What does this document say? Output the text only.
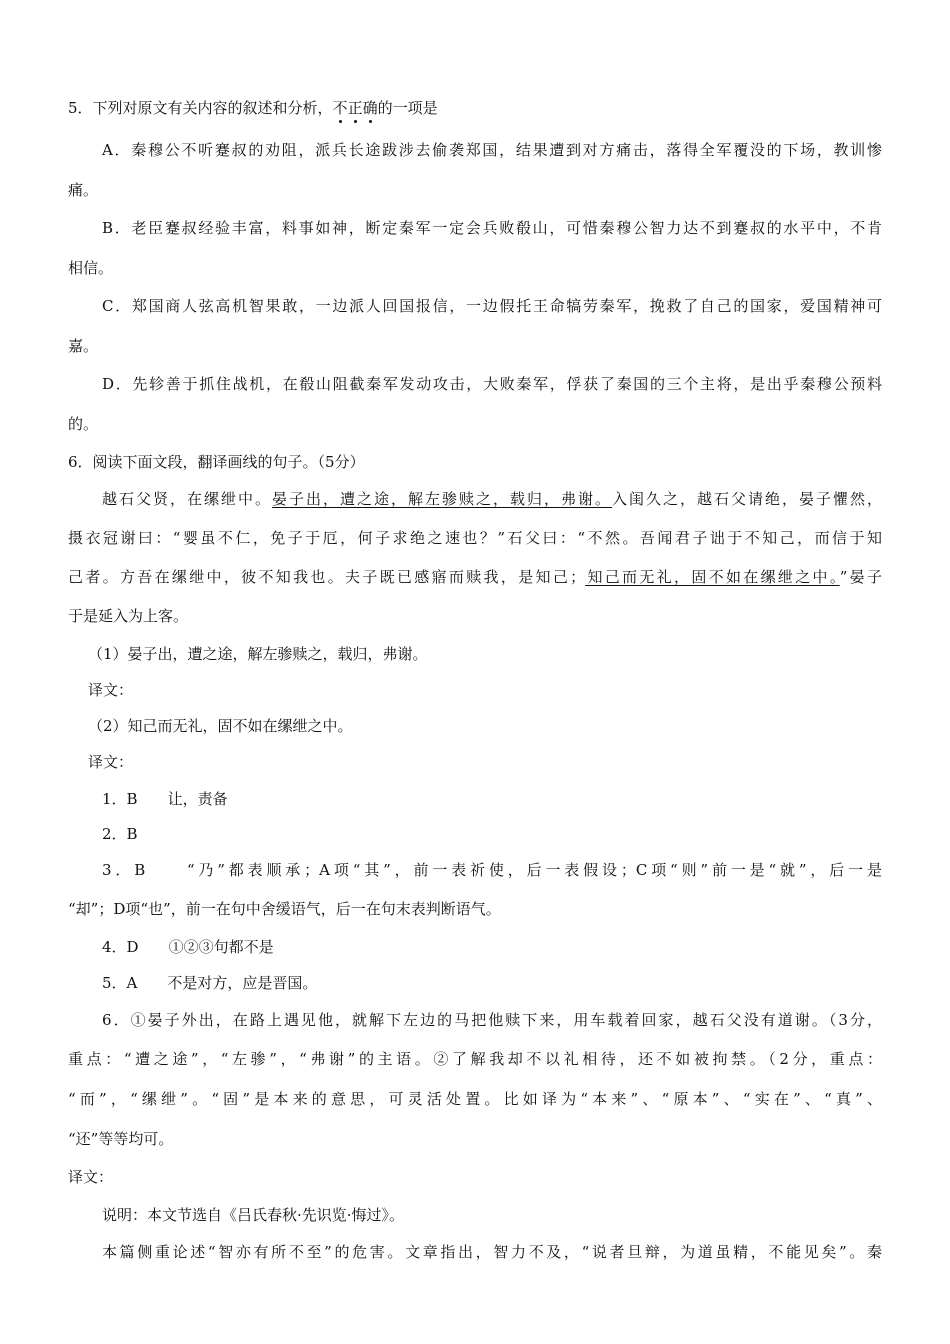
5．下列对原文有关内容的叙述和分析，不正确的一项是
A．秦穆公不听蹇叔的劝阻，派兵长途跋涉去偷袭郑国，结果遭到对方痛击，落得全军覆没的下场，教训惨
痛。
B．老臣蹇叔经验丰富，料事如神，断定秦军一定会兵败殽山，可惜秦穆公智力达不到蹇叔的水平中，不肯
相信。
C．郑国商人弦高机智果敢，一边派人回国报信，一边假托王命犒劳秦军，挽救了自己的国家，爱国精神可
嘉。
D．先轸善于抓住战机，在殽山阻截秦军发动攻击，大败秦军，俘获了秦国的三个主将，是出乎秦穆公预料
的。
6．阅读下面文段，翻译画线的句子。（5分）
越石父贤，在缧绁中。晏子出，遭之途，解左骖赎之，载归，弗谢。入闺久之，越石父请绝，晏子懼然，
摄衣冠谢曰：“婴虽不仁，免子于厄，何子求绝之速也？”石父曰：“不然。吾闻君子诎于不知己，而信于知
己者。方吾在缧绁中，彼不知我也。夫子既已感寤而赎我，是知己；知己而无礼，固不如在缧绁之中。”晏子
于是延入为上客。
（1）晏子出，遭之途，解左骖赎之，载归，弗谢。
译文：
（2）知己而无礼，固不如在缧绁之中。
译文：
1．B　　让，责备
2．B
3．B　　“乃”都表顺承；A项“其”，前一表祈使，后一表假设；C项“则”前一是“就”，后一是
“却”；D项“也”，前一在句中舍缓语气，后一在句末表判断语气。
4．D　　①②③句都不是
5．A　　不是对方，应是晋国。
6．①晏子外出，在路上遇见他，就解下左边的马把他赎下来，用车载着回家，越石父没有道谢。（3分，
重点：“遭之途”，“左骖”，“弗谢”的主语。②了解我却不以礼相待，还不如被拘禁。（2分，重点：
“而”，“缧绁”。“固”是本来的意思，可灵活处置。比如译为“本来”、“原本”、“实在”、“真”、
“还”等等均可。
译文：
说明：本文节选自《吕氏春秋·先识览·悔过》。
本篇侧重论述“智亦有所不至”的危害。文章指出，智力不及，“说者旦辩，为道虽精，不能见矣”。秦
